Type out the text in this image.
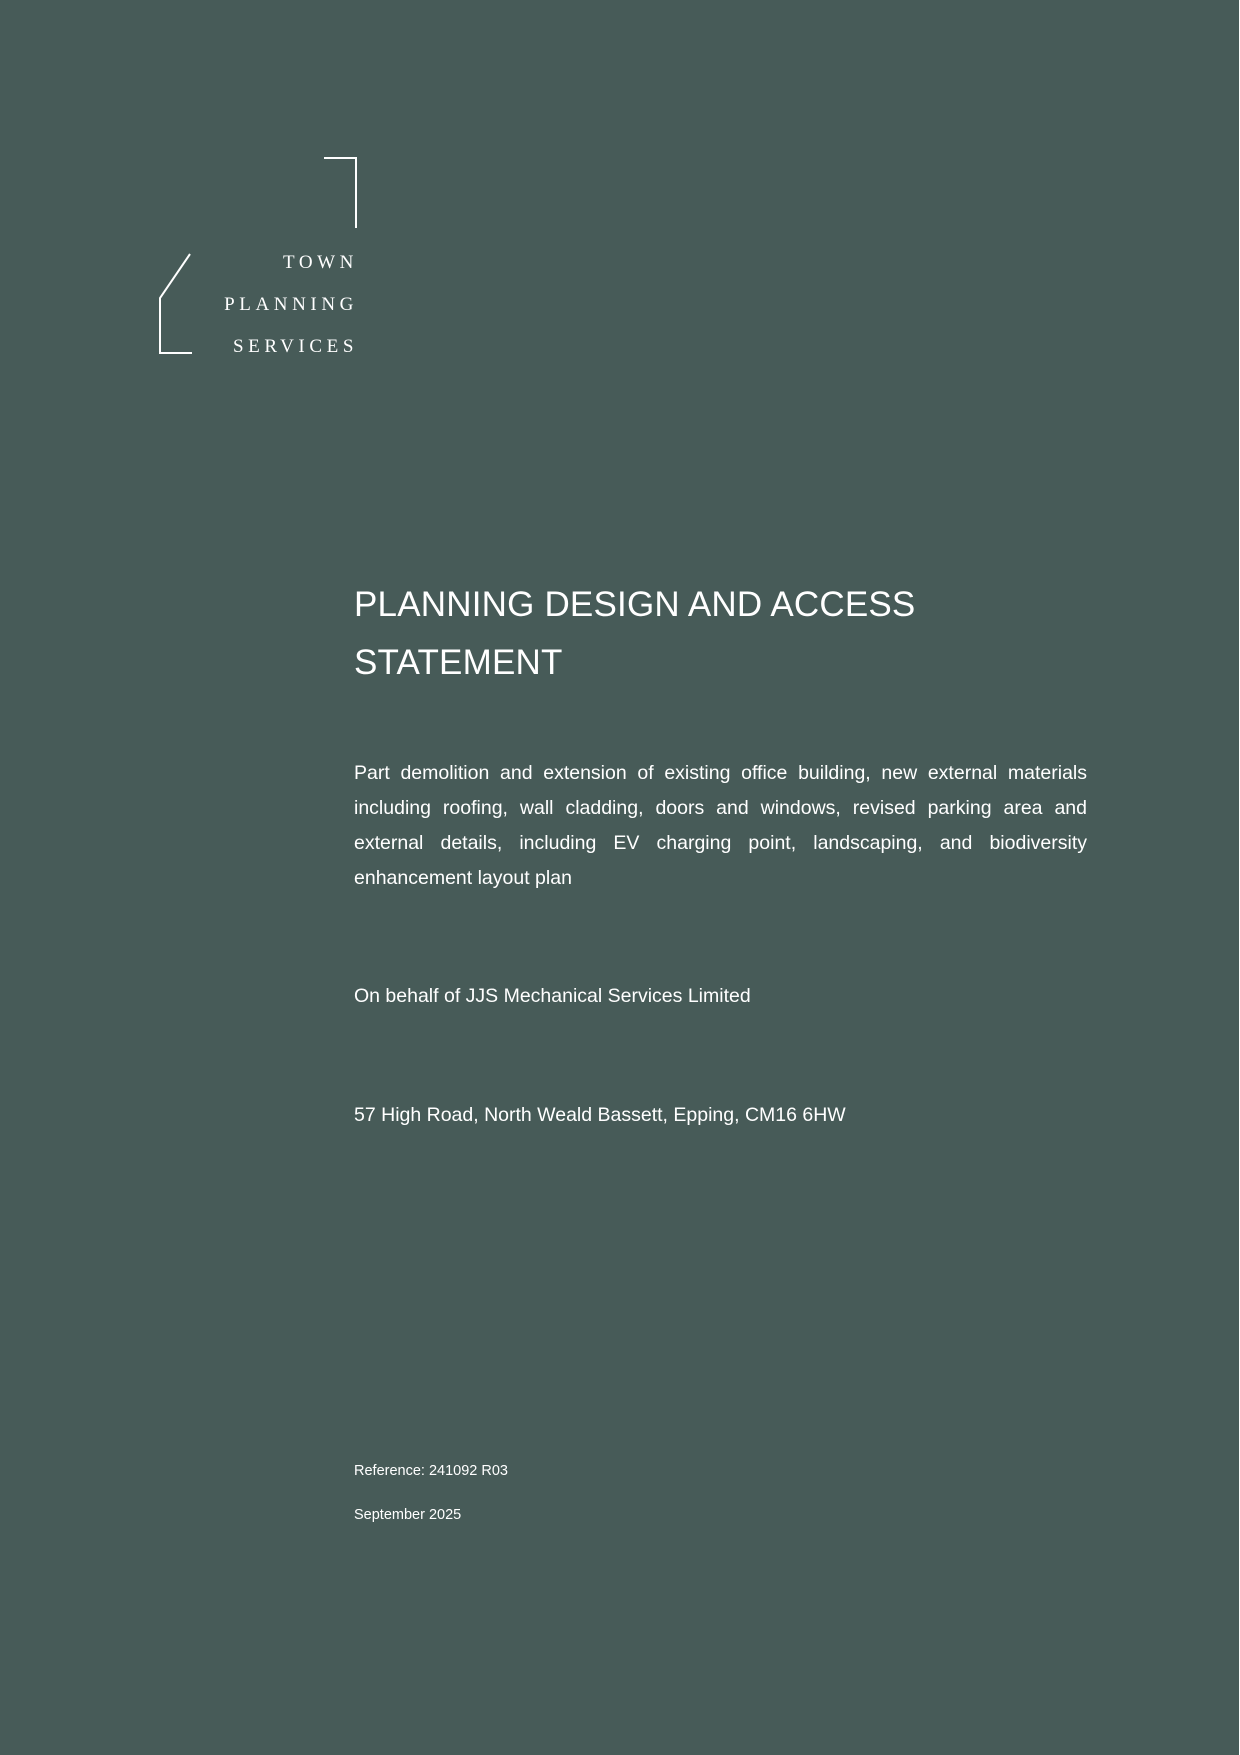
TOWN
PLANNING
SERVICES
PLANNING DESIGN AND ACCESS
STATEMENT

Part demolition and extension of existing office building, new external materials including roofing, wall cladding, doors and windows, revised parking area and external details, including EV charging point, landscaping, and biodiversity enhancement layout plan

On behalf of JJS Mechanical Services Limited

57 High Road, North Weald Bassett, Epping, CM16 6HW

Reference: 241092 R03

September 2025
